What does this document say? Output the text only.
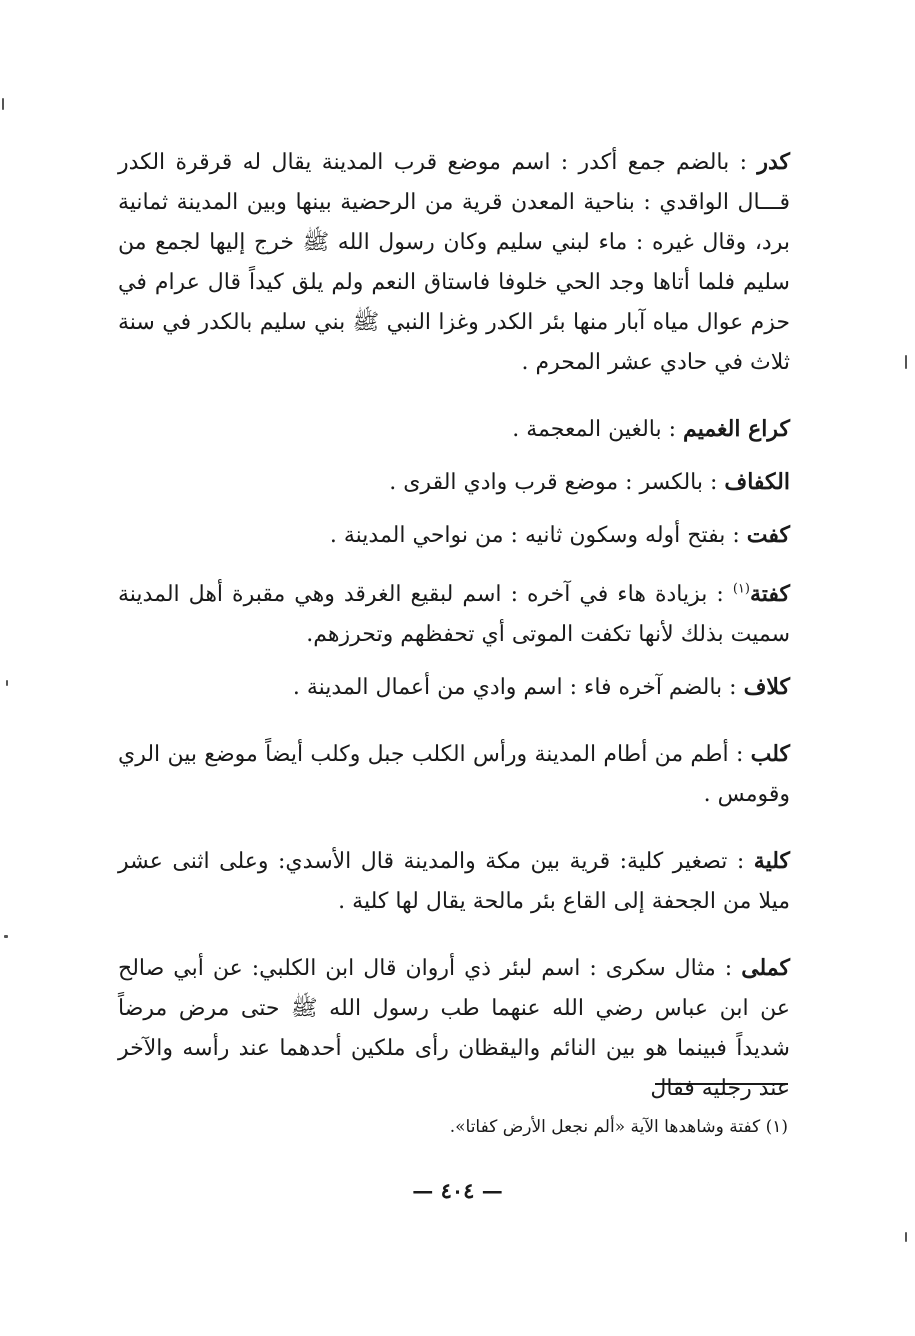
كدر : بالضم جمع أكدر : اسم موضع قرب المدينة يقال له قرقرة الكدر قـــال الواقدي : بناحية المعدن قرية من الرحضية بينها وبين المدينة ثمانية برد، وقال غيره : ماء لبني سليم وكان رسول الله ﷺ خرج إليها لجمع من سليم فلما أتاها وجد الحي خلوفا فاستاق النعم ولم يلق كيداً قال عرام في حزم عوال مياه آبار منها بئر الكدر وغزا النبي ﷺ بني سليم بالكدر في سنة ثلاث في حادي عشر المحرم .

كراع الغميم : بالغين المعجمة .

الكفاف : بالكسر : موضع قرب وادي القرى .

كفت : بفتح أوله وسكون ثانيه : من نواحي المدينة .

كفتة$^{(١)}$ : بزيادة هاء في آخره : اسم لبقيع الغرقد وهي مقبرة أهل المدينة سميت بذلك لأنها تكفت الموتى أي تحفظهم وتحرزهم.

كلاف : بالضم آخره فاء : اسم وادي من أعمال المدينة .

كلب : أطم من أطام المدينة ورأس الكلب جبل وكلب أيضاً موضع بين الري وقومس .

كلية : تصغير كلية: قرية بين مكة والمدينة قال الأسدي: وعلى اثنى عشر ميلا من الجحفة إلى القاع بئر مالحة يقال لها كلية .

كملى : مثال سكرى : اسم لبئر ذي أروان قال ابن الكلبي: عن أبي صالح عن ابن عباس رضي الله عنهما طب رسول الله ﷺ حتى مرض مرضاً شديداً فبينما هو بين النائم واليقظان رأى ملكين أحدهما عند رأسه والآخر عند رجليه فقال

(١) كفتة وشاهدها الآية «ألم نجعل الأرض كفاتا».
— ٤٠٤ —
